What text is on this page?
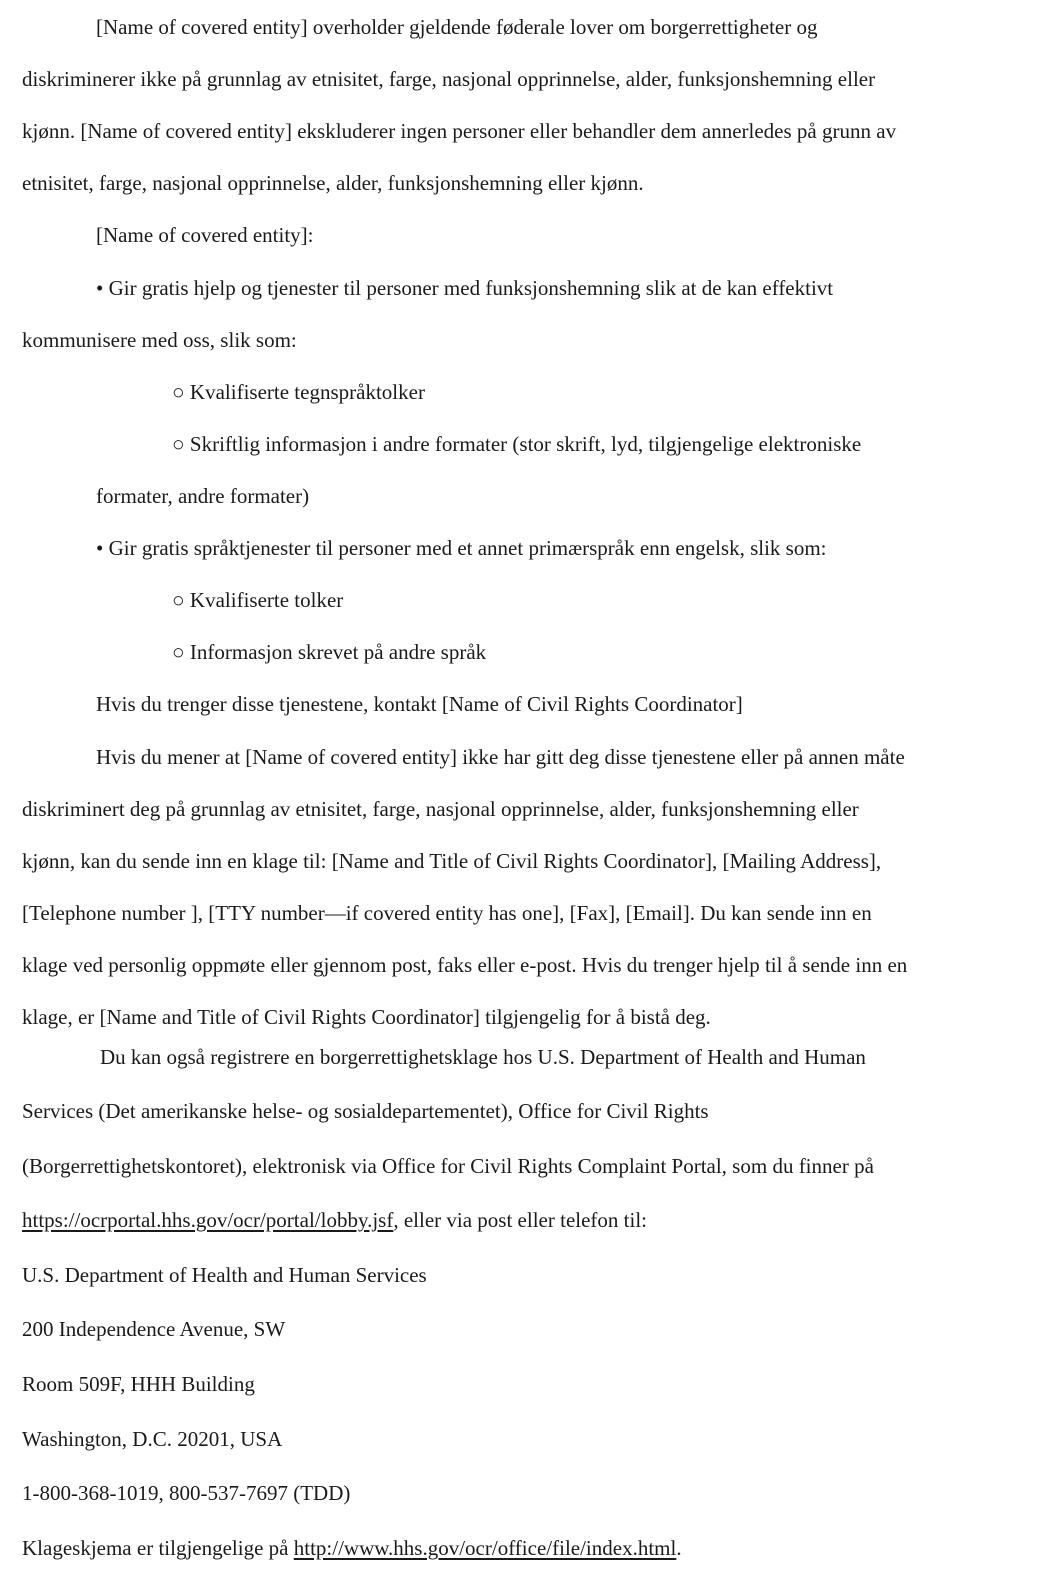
[Name of covered entity] overholder gjeldende føderale lover om borgerrettigheter og

diskriminerer ikke på grunnlag av etnisitet, farge, nasjonal opprinnelse, alder, funksjonshemning eller

kjønn. [Name of covered entity] ekskluderer ingen personer eller behandler dem annerledes på grunn av

etnisitet, farge, nasjonal opprinnelse, alder, funksjonshemning eller kjønn.

[Name of covered entity]:

• Gir gratis hjelp og tjenester til personer med funksjonshemning slik at de kan effektivt

kommunisere med oss, slik som:

○ Kvalifiserte tegnspråktolker

○ Skriftlig informasjon i andre formater (stor skrift, lyd, tilgjengelige elektroniske

formater, andre formater)

• Gir gratis språktjenester til personer med et annet primærspråk enn engelsk, slik som:

○ Kvalifiserte tolker

○ Informasjon skrevet på andre språk

Hvis du trenger disse tjenestene, kontakt [Name of Civil Rights Coordinator]

Hvis du mener at [Name of covered entity] ikke har gitt deg disse tjenestene eller på annen måte

diskriminert deg på grunnlag av etnisitet, farge, nasjonal opprinnelse, alder, funksjonshemning eller

kjønn, kan du sende inn en klage til: [Name and Title of Civil Rights Coordinator], [Mailing Address],

[Telephone number ], [TTY number—if covered entity has one], [Fax], [Email]. Du kan sende inn en

klage ved personlig oppmøte eller gjennom post, faks eller e-post. Hvis du trenger hjelp til å sende inn en

klage, er [Name and Title of Civil Rights Coordinator] tilgjengelig for å bistå deg.

Du kan også registrere en borgerrettighetsklage hos U.S. Department of Health and Human

Services (Det amerikanske helse- og sosialdepartementet), Office for Civil Rights

(Borgerrettighetskontoret), elektronisk via Office for Civil Rights Complaint Portal, som du finner på

https://ocrportal.hhs.gov/ocr/portal/lobby.jsf, eller via post eller telefon til:

U.S. Department of Health and Human Services

200 Independence Avenue, SW

Room 509F, HHH Building

Washington, D.C. 20201, USA

1-800-368-1019, 800-537-7697 (TDD)

Klageskjema er tilgjengelige på http://www.hhs.gov/ocr/office/file/index.html.
